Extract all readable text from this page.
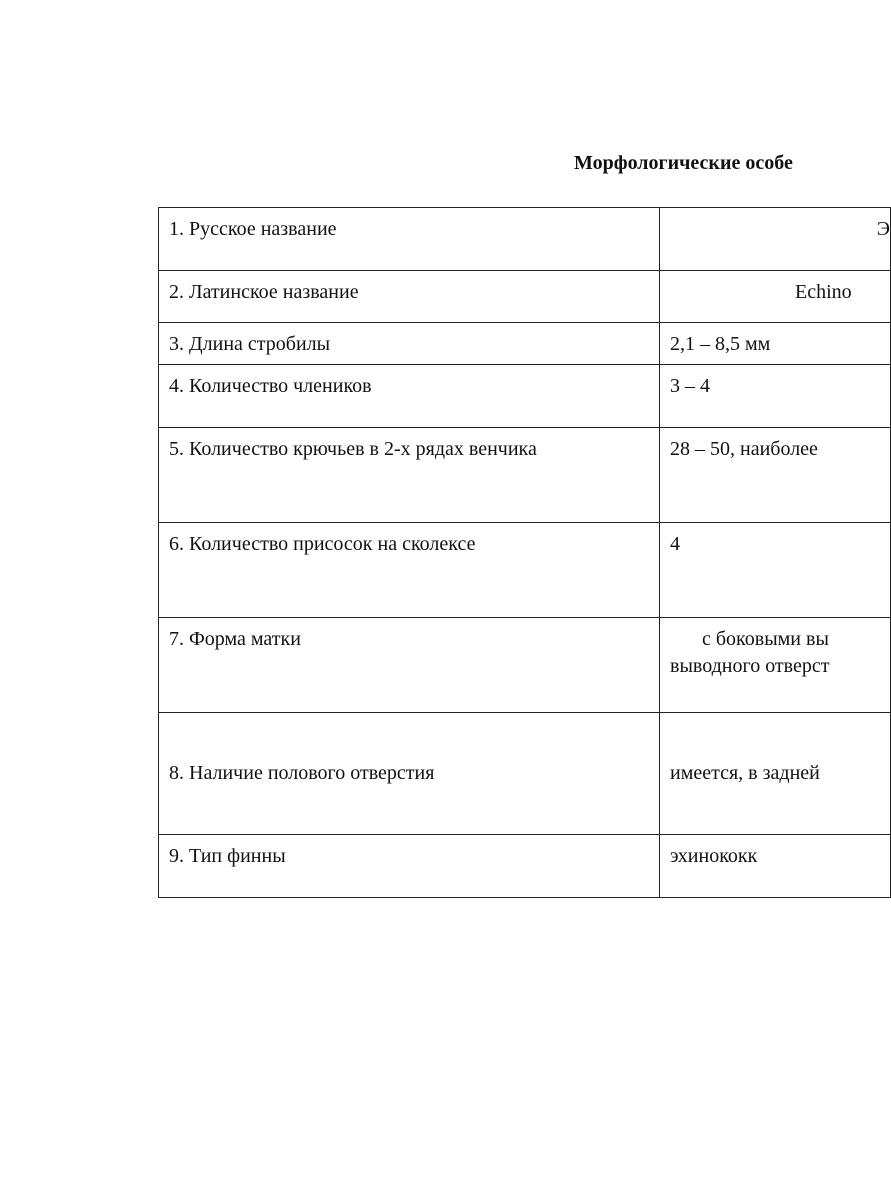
Морфологические особе
1. Русское название	Э
2. Латинское название	Echino
3. Длина стробилы	2,1 – 8,5 мм
4. Количество члеников	3 – 4
5. Количество крючьев в 2-х рядах венчика	28 – 50, наиболее
6. Количество присосок на сколексе	4
7. Форма матки	с боковыми вы
выводного отверст

8. Наличие полового отверстия	имеется, в задней
9. Тип финны	эхинококк
